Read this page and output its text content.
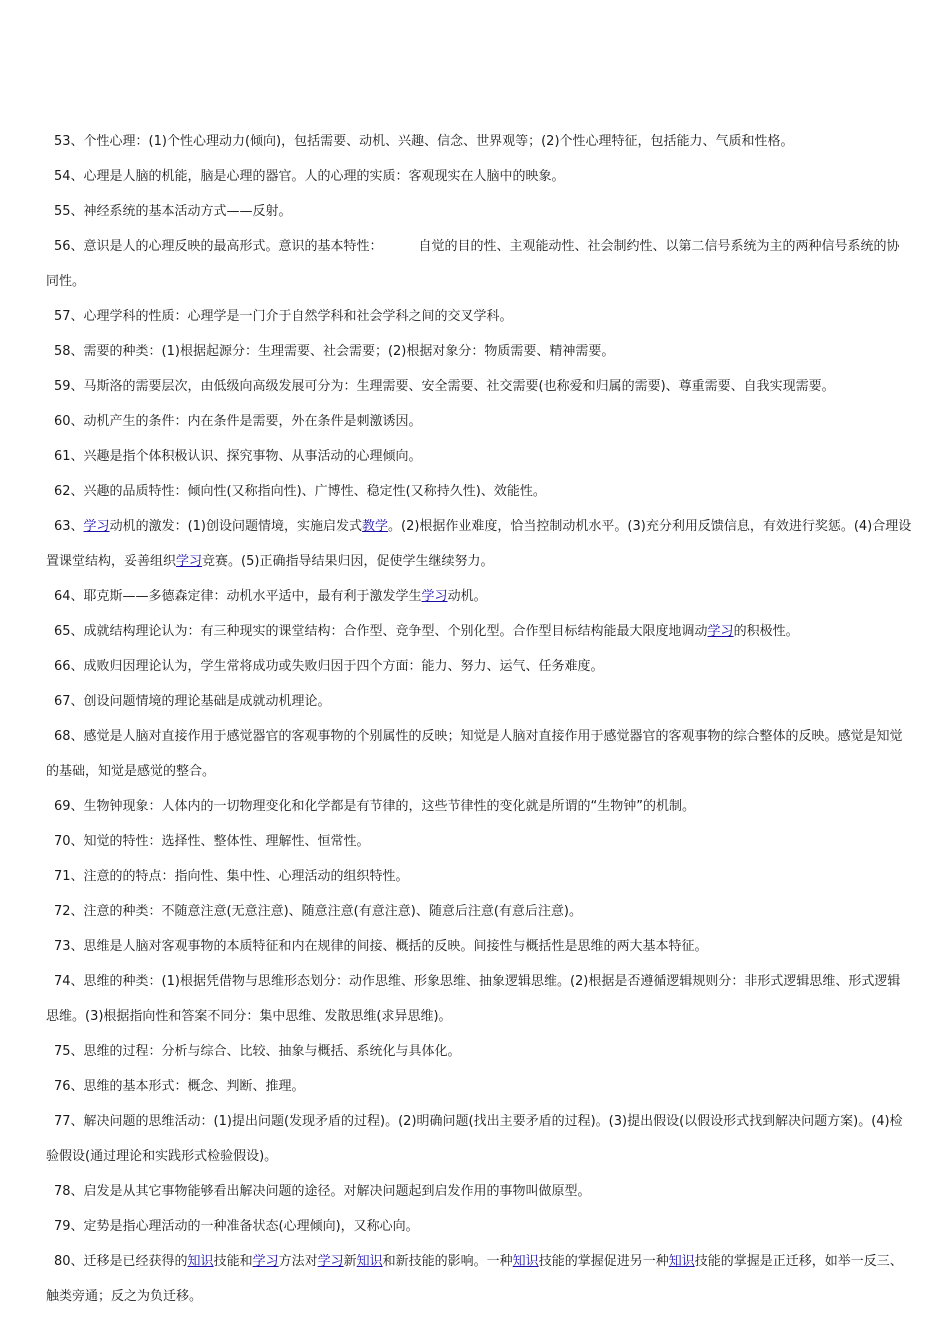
53、个性心理：(1)个性心理动力(倾向)，包括需要、动机、兴趣、信念、世界观等；(2)个性心理特征，包括能力、气质和性格。

54、心理是人脑的机能，脑是心理的器官。人的心理的实质：客观现实在人脑中的映象。

55、神经系统的基本活动方式——反射。

56、意识是人的心理反映的最高形式。意识的基本特性：	自觉的目的性、主观能动性、社会制约性、以第二信号系统为主的两种信号系统的协同性。

57、心理学科的性质：心理学是一门介于自然学科和社会学科之间的交叉学科。

58、需要的种类：(1)根据起源分：生理需要、社会需要；(2)根据对象分：物质需要、精神需要。

59、马斯洛的需要层次，由低级向高级发展可分为：生理需要、安全需要、社交需要(也称爱和归属的需要)、尊重需要、自我实现需要。

60、动机产生的条件：内在条件是需要，外在条件是刺激诱因。

61、兴趣是指个体积极认识、探究事物、从事活动的心理倾向。

62、兴趣的品质特性：倾向性(又称指向性)、广博性、稳定性(又称持久性)、效能性。

63、学习动机的激发：(1)创设问题情境，实施启发式教学。(2)根据作业难度，恰当控制动机水平。(3)充分利用反馈信息，有效进行奖惩。(4)合理设置课堂结构，妥善组织学习竞赛。(5)正确指导结果归因，促使学生继续努力。

64、耶克斯——多德森定律：动机水平适中，最有利于激发学生学习动机。

65、成就结构理论认为：有三种现实的课堂结构：合作型、竞争型、个别化型。合作型目标结构能最大限度地调动学习的积极性。

66、成败归因理论认为，学生常将成功或失败归因于四个方面：能力、努力、运气、任务难度。

67、创设问题情境的理论基础是成就动机理论。

68、感觉是人脑对直接作用于感觉器官的客观事物的个别属性的反映；知觉是人脑对直接作用于感觉器官的客观事物的综合整体的反映。感觉是知觉的基础，知觉是感觉的整合。

69、生物钟现象：人体内的一切物理变化和化学都是有节律的，这些节律性的变化就是所谓的“生物钟”的机制。

70、知觉的特性：选择性、整体性、理解性、恒常性。

71、注意的的特点：指向性、集中性、心理活动的组织特性。

72、注意的种类：不随意注意(无意注意)、随意注意(有意注意)、随意后注意(有意后注意)。

73、思维是人脑对客观事物的本质特征和内在规律的间接、概括的反映。间接性与概括性是思维的两大基本特征。

74、思维的种类：(1)根据凭借物与思维形态划分：动作思维、形象思维、抽象逻辑思维。(2)根据是否遵循逻辑规则分：非形式逻辑思维、形式逻辑思维。(3)根据指向性和答案不同分：集中思维、发散思维(求异思维)。

75、思维的过程：分析与综合、比较、抽象与概括、系统化与具体化。

76、思维的基本形式：概念、判断、推理。

77、解决问题的思维活动：(1)提出问题(发现矛盾的过程)。(2)明确问题(找出主要矛盾的过程)。(3)提出假设(以假设形式找到解决问题方案)。(4)检验假设(通过理论和实践形式检验假设)。

78、启发是从其它事物能够看出解决问题的途径。对解决问题起到启发作用的事物叫做原型。

79、定势是指心理活动的一种准备状态(心理倾向)，又称心向。

80、迁移是已经获得的知识技能和学习方法对学习新知识和新技能的影响。一种知识技能的掌握促进另一种知识技能的掌握是正迁移，如举一反三、触类旁通；反之为负迁移。
